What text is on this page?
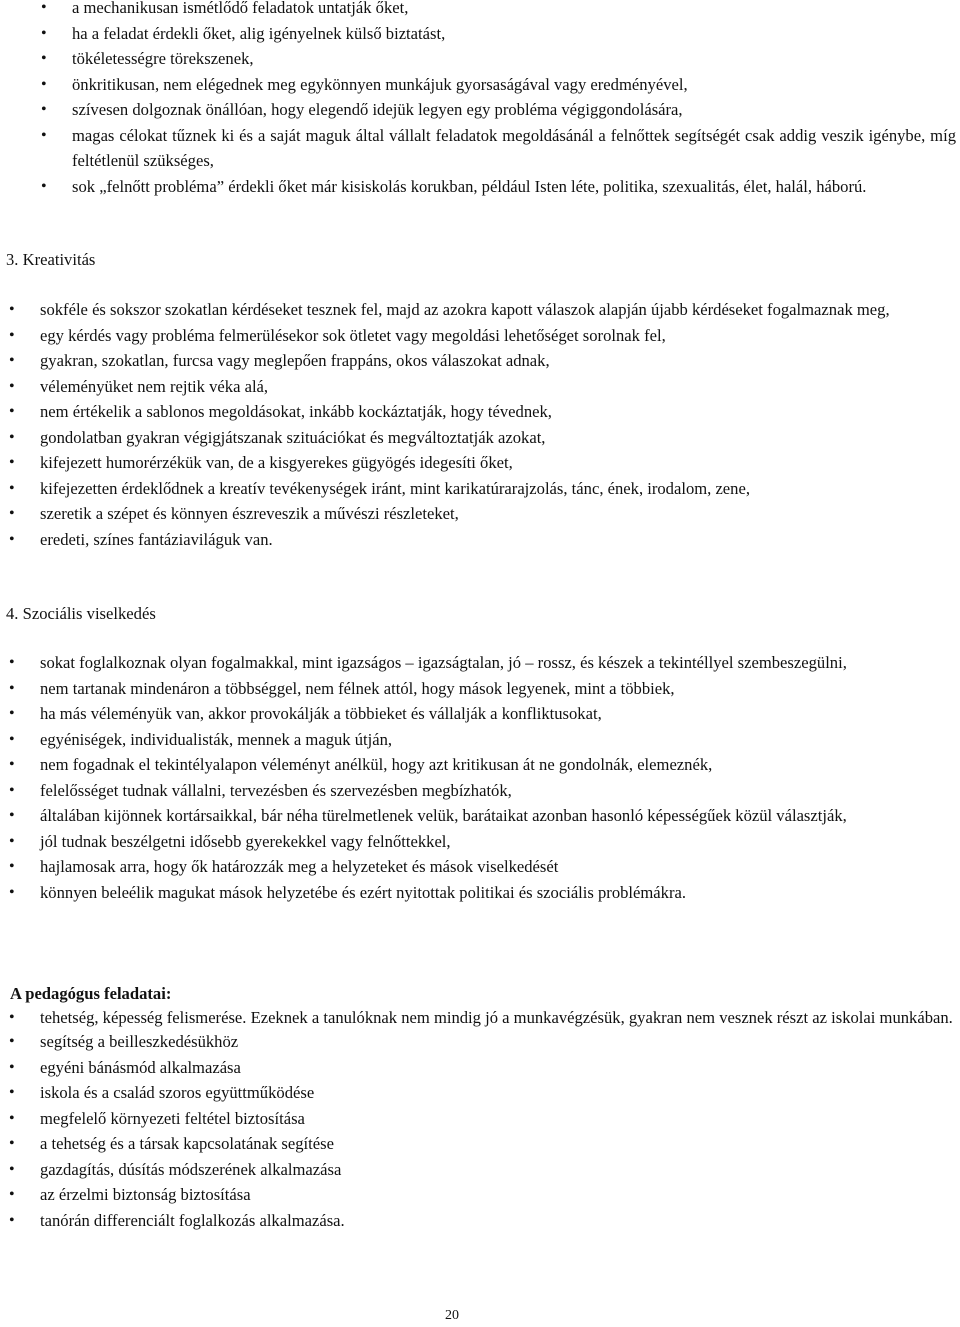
• a mechanikusan ismétlődő feladatok untatják őket,
• ha a feladat érdekli őket, alig igényelnek külső biztatást,
• tökéletességre törekszenek,
• önkritikusan, nem elégednek meg egykönnyen munkájuk gyorsaságával vagy eredményével,
• szívesen dolgoznak önállóan, hogy elegendő idejük legyen egy probléma végiggondolására,
• magas célokat tűznek ki és a saját maguk által vállalt feladatok megoldásánál a felnőttek segítségét csak addig veszik igénybe, míg feltétlenül szükséges,
• sok „felnőtt probléma” érdekli őket már kisiskolás korukban, például Isten léte, politika, szexualitás, élet, halál, háború.
3. Kreativitás
• sokféle és sokszor szokatlan kérdéseket tesznek fel, majd az azokra kapott válaszok alapján újabb kérdéseket fogalmaznak meg,
• egy kérdés vagy probléma felmerülésekor sok ötletet vagy megoldási lehetőséget sorolnak fel,
• gyakran, szokatlan, furcsa vagy meglepően frappáns, okos válaszokat adnak,
• véleményüket nem rejtik véka alá,
• nem értékelik a sablonos megoldásokat, inkább kockáztatják, hogy tévednek,
• gondolatban gyakran végigjátszanak szituációkat és megváltoztatják azokat,
• kifejezett humorérzékük van, de a kisgyerekes gügyögés idegesíti őket,
• kifejezetten érdeklődnek a kreatív tevékenységek iránt, mint karikatúrarajzolás, tánc, ének, irodalom, zene,
• szeretik a szépet és könnyen észreveszik a művészi részleteket,
• eredeti, színes fantáziaviláguk van.
4. Szociális viselkedés
• sokat foglalkoznak olyan fogalmakkal, mint igazságos – igazságtalan, jó – rossz, és készek a tekintéllyel szembeszegülni,
• nem tartanak mindenáron a többséggel, nem félnek attól, hogy mások legyenek, mint a többiek,
• ha más véleményük van, akkor provokálják a többieket és vállalják a konfliktusokat,
• egyéniségek, individualisták, mennek a maguk útján,
• nem fogadnak el tekintélyalapon véleményt anélkül, hogy azt kritikusan át ne gondolnák, elemeznék,
• felelősséget tudnak vállalni, tervezésben és szervezésben megbízhatók,
• általában kijönnek kortársaikkal, bár néha türelmetlenek velük, barátaikat azonban hasonló képességűek közül választják,
• jól tudnak beszélgetni idősebb gyerekekkel vagy felnőttekkel,
• hajlamosak arra, hogy ők határozzák meg a helyzeteket és mások viselkedését
• könnyen beleélik magukat mások helyzetébe és ezért nyitottak politikai és szociális problémákra.
A pedagógus feladatai:
• tehetség, képesség felismerése. Ezeknek a tanulóknak nem mindig jó a munkavégzésük, gyakran nem vesznek részt az iskolai munkában.
• segítség a beilleszkedésükhöz
• egyéni bánásmód alkalmazása
• iskola és a család szoros együttműködése
• megfelelő környezeti feltétel biztosítása
• a tehetség és a társak kapcsolatának segítése
• gazdagítás, dúsítás módszerének alkalmazása
• az érzelmi biztonság biztosítása
• tanórán differenciált foglalkozás alkalmazása.
20
